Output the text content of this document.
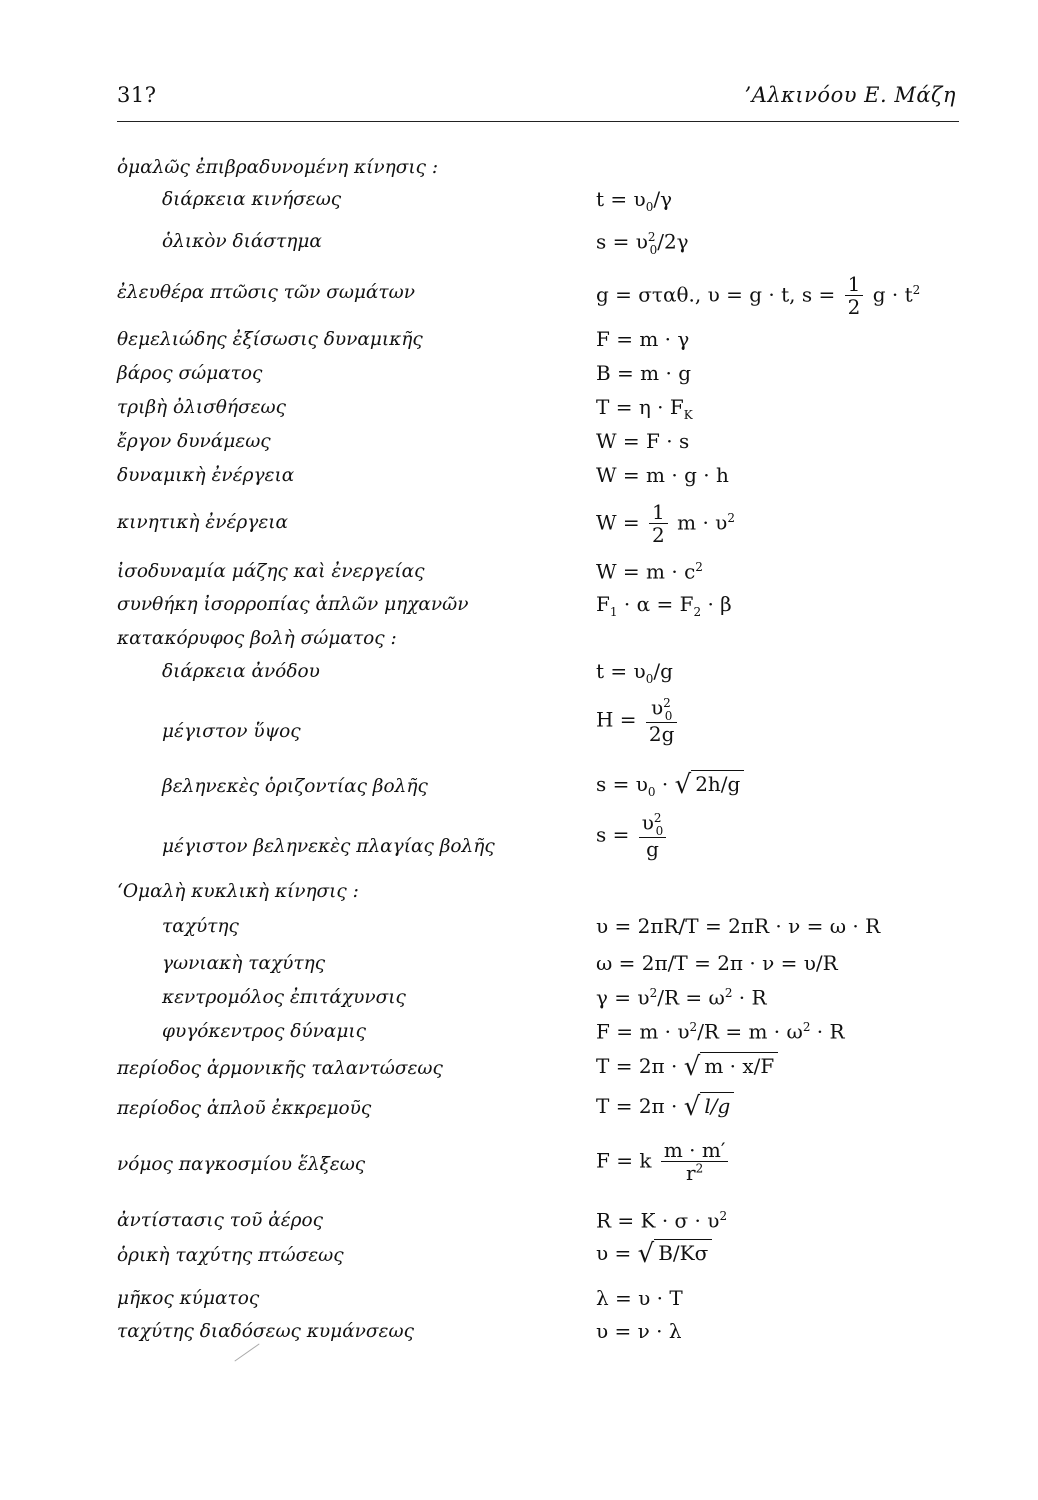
31?	’Αλκινόου Ε. Μάζη
ὁμαλῶς ἐπιβραδυνομένη κίνησις :
διάρκεια κινήσεως	$t = \upsilon_0/\gamma$
ὁλικὸν διάστημα	$s = \upsilon^2_0/2\gamma$
ἐλευθέρα πτῶσις τῶν σωμάτων	g = σταθ., υ = g · t, $s = \frac{1}{2}$ $g \cdot t^2$
θεμελιώδης ἐξίσωσις δυναμικῆς	F = m · γ
βάρος σώματος	B = m · g
τριβὴ ὀλισθήσεως	$T = \eta \cdot F_K$
ἔργον δυνάμεως	W = F · s
δυναμικὴ ἐνέργεια	W = m · g · h
κινητικὴ ἐνέργεια	$W = \frac{1}{2}$ $m \cdot \upsilon^2$
ἰσοδυναμία μάζης καὶ ἐνεργείας	$W = m \cdot c^2$
συνθήκη ἰσορροπίας ἁπλῶν μηχανῶν	$F_1 \cdot \alpha = F_2 \cdot \beta$
κατακόρυφος βολὴ σώματος :
διάρκεια ἀνόδου	$t = \upsilon_0/g$
μέγιστον ὕψος	$H = \frac{\upsilon^2_0}{2g}$
βεληνεκὲς ὁριζοντίας βολῆς	$s = \upsilon_0$ · √ 2h/g
μέγιστον βεληνεκὲς πλαγίας βολῆς	$s = \frac{\upsilon^2_0}{g}$
‘Ομαλὴ κυκλικὴ κίνησις :
ταχύτης	υ = 2πR/T = 2πR · ν = ω · R
γωνιακὴ ταχύτης	ω = 2π/T = 2π · ν = υ/R
κεντρομόλος ἐπιτάχυνσις	$\gamma = \upsilon^2/R = \omega^2 \cdot R$
φυγόκεντρος δύναμις	$F = m \cdot \upsilon^2/R = m \cdot \omega^2 \cdot R$
περίοδος ἁρμονικῆς ταλαντώσεως	T = 2π · √ m · x/F
περίοδος ἁπλοῦ ἐκκρεμοῦς	T = 2π · √ l/g
νόμος παγκοσμίου ἕλξεως	F = k $\frac{m \cdot m'}{r^2}$
ἀντίστασις τοῦ ἀέρος	$R = K \cdot \sigma \cdot \upsilon^2$
ὁρικὴ ταχύτης πτώσεως	υ = √ B/Kσ
μῆκος κύματος	λ = υ · T
ταχύτης διαδόσεως κυμάνσεως	υ = ν · λ
